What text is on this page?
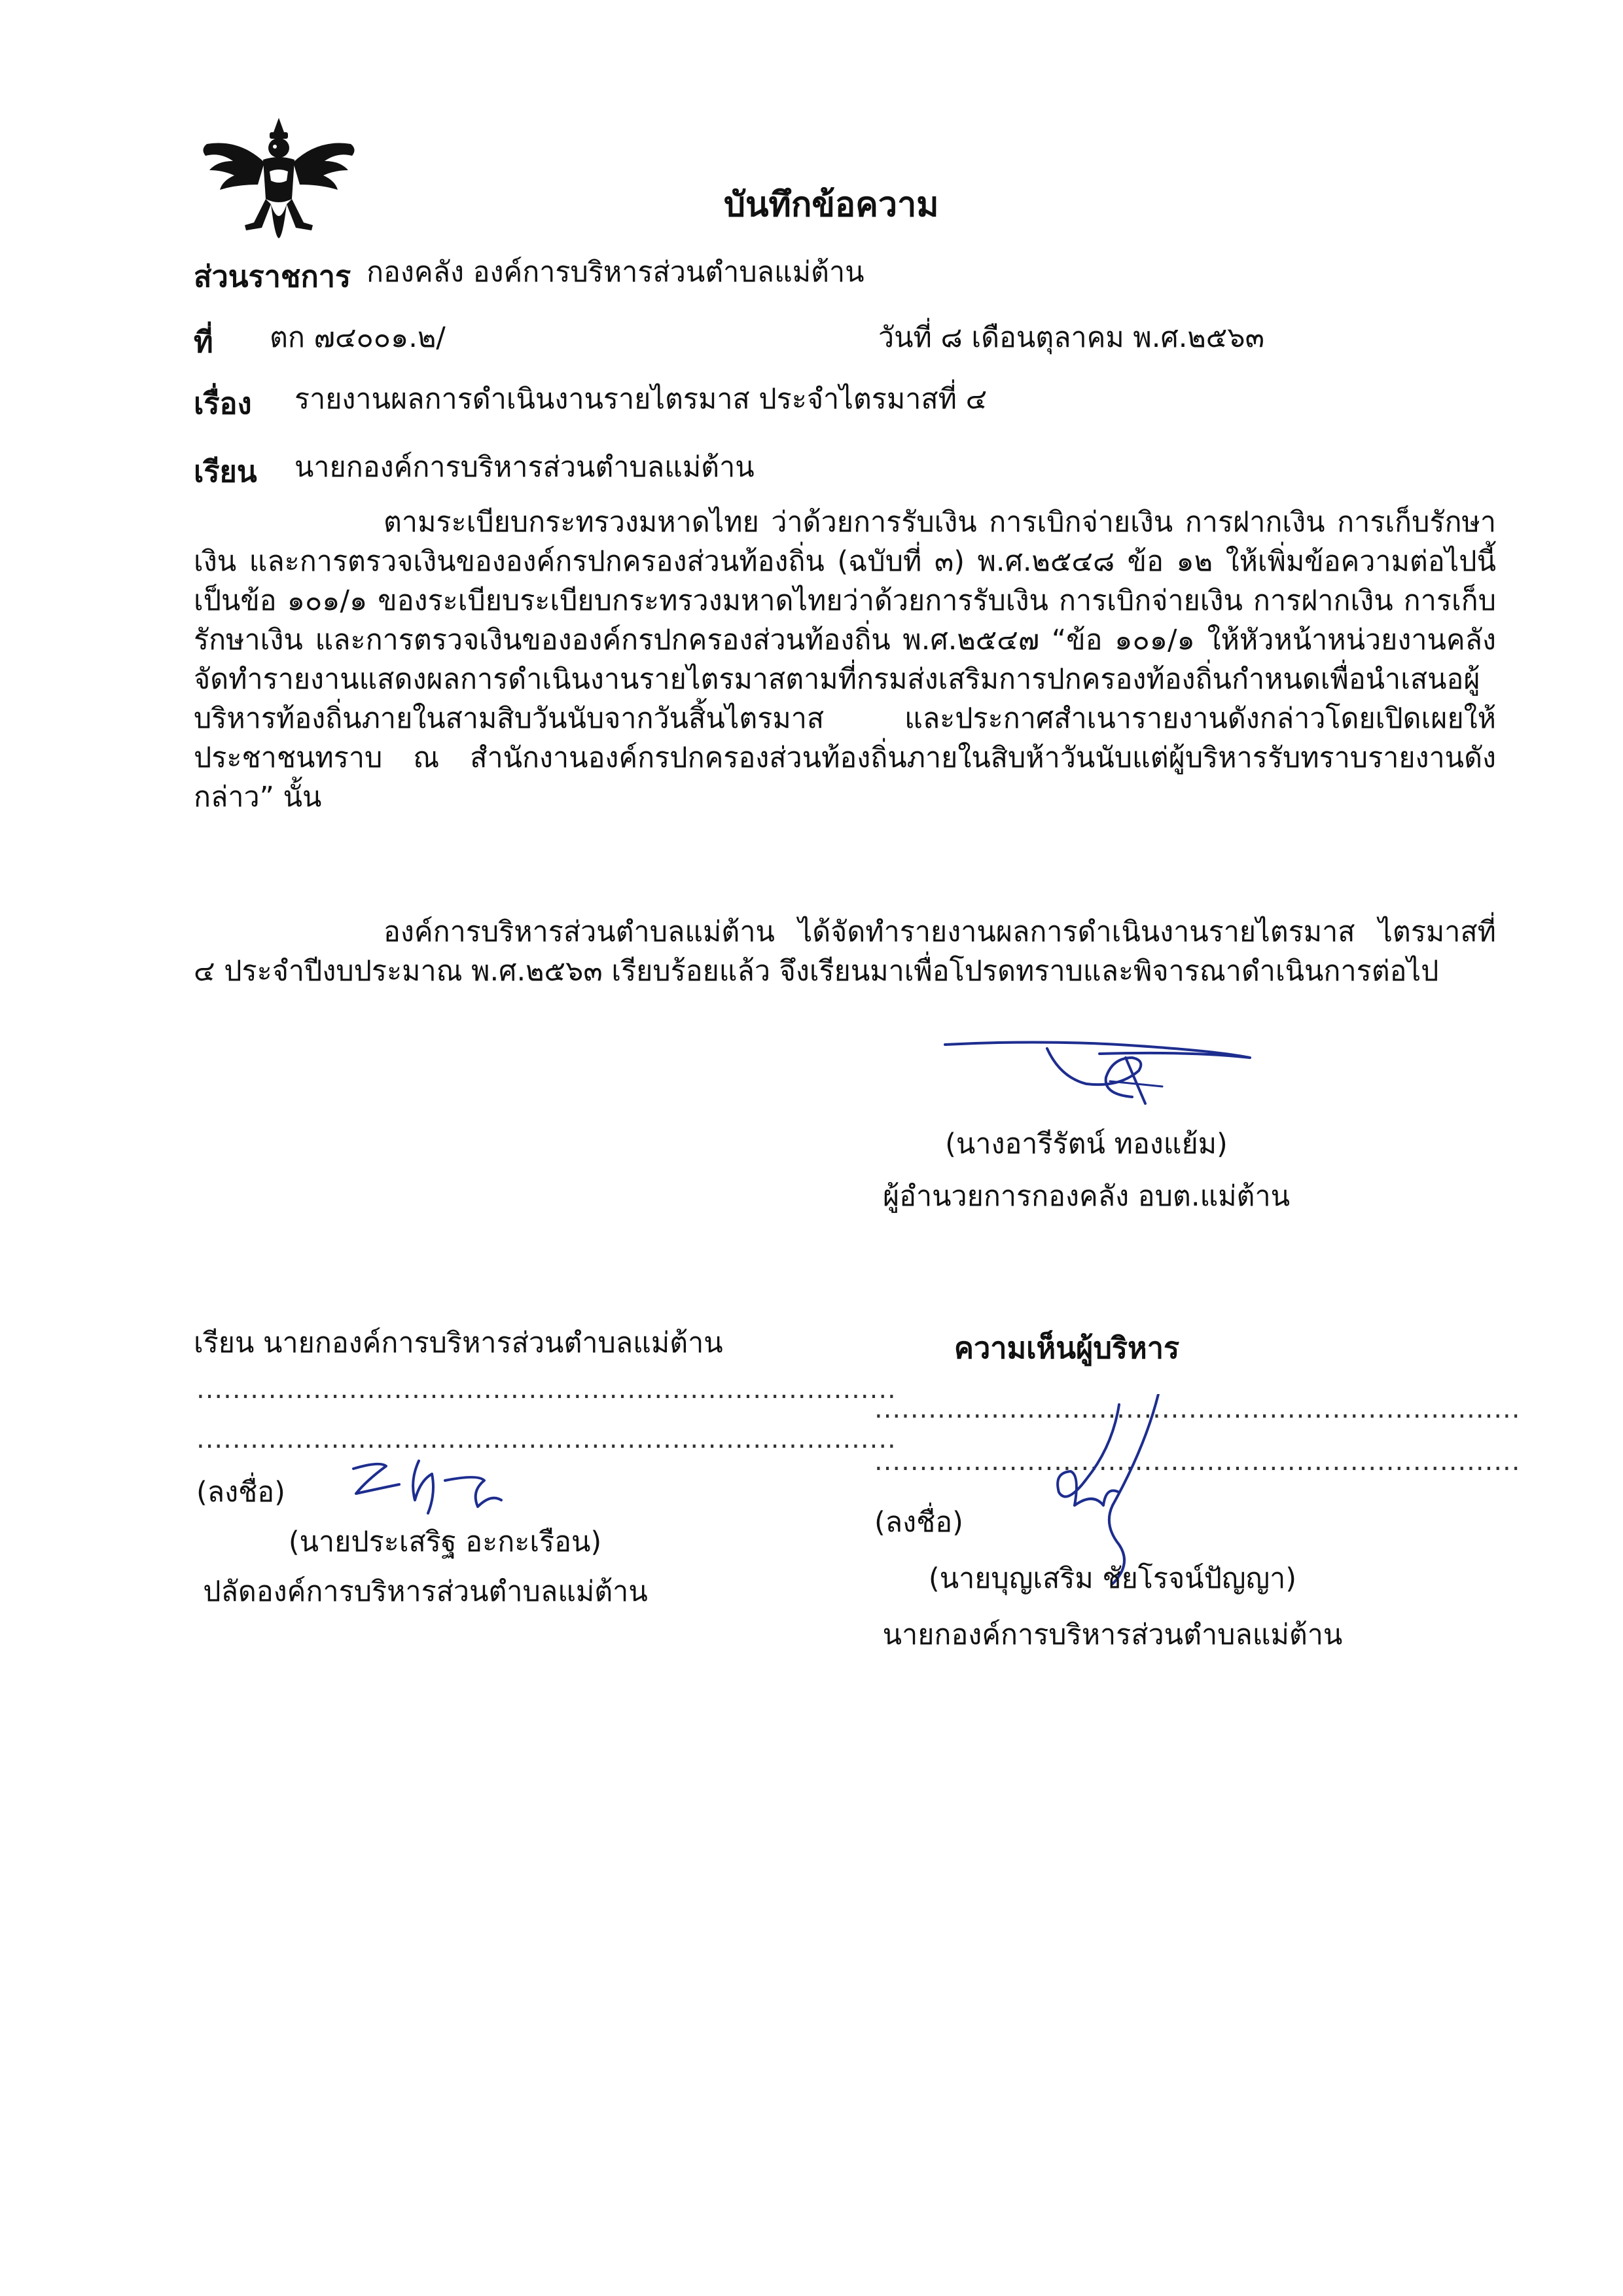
บันทึกข้อความ
ส่วนราชการ กองคลัง องค์การบริหารส่วนตำบลแม่ต้าน
ที่ ตก ๗๔๐๐๑.๒/	วันที่ ๘ เดือนตุลาคม พ.ศ.๒๕๖๓
เรื่อง รายงานผลการดำเนินงานรายไตรมาส ประจำไตรมาสที่ ๔
เรียน นายกองค์การบริหารส่วนตำบลแม่ต้าน
ตามระเบียบกระทรวงมหาดไทย ว่าด้วยการรับเงิน การเบิกจ่ายเงิน การฝากเงิน การเก็บรักษาเงิน และการตรวจเงินขององค์กรปกครองส่วนท้องถิ่น (ฉบับที่ ๓) พ.ศ.๒๕๔๘ ข้อ ๑๒ ให้เพิ่มข้อความต่อไปนี้เป็นข้อ ๑๐๑/๑ ของระเบียบระเบียบกระทรวงมหาดไทยว่าด้วยการรับเงิน การเบิกจ่ายเงิน การฝากเงิน การเก็บรักษาเงิน และการตรวจเงินขององค์กรปกครองส่วนท้องถิ่น พ.ศ.๒๕๔๗ “ข้อ ๑๐๑/๑ ให้หัวหน้าหน่วยงานคลังจัดทำรายงานแสดงผลการดำเนินงานรายไตรมาสตามที่กรมส่งเสริมการปกครองท้องถิ่นกำหนดเพื่อนำเสนอผู้บริหารท้องถิ่นภายในสามสิบวันนับจากวันสิ้นไตรมาส และประกาศสำเนารายงานดังกล่าวโดยเปิดเผยให้ประชาชนทราบ ณ สำนักงานองค์กรปกครองส่วนท้องถิ่นภายในสิบห้าวันนับแต่ผู้บริหารรับทราบรายงานดังกล่าว” นั้น
องค์การบริหารส่วนตำบลแม่ต้าน ได้จัดทำรายงานผลการดำเนินงานรายไตรมาส ไตรมาสที่ ๔ ประจำปีงบประมาณ พ.ศ.๒๕๖๓ เรียบร้อยแล้ว จึงเรียนมาเพื่อโปรดทราบและพิจารณาดำเนินการต่อไป
(นางอารีรัตน์ ทองแย้ม)
ผู้อำนวยการกองคลัง อบต.แม่ต้าน
เรียน นายกองค์การบริหารส่วนตำบลแม่ต้าน
..............................................................................
..............................................................................
(ลงชื่อ)
(นายประเสริฐ อะกะเรือน)
ปลัดองค์การบริหารส่วนตำบลแม่ต้าน
ความเห็นผู้บริหาร
........................................................................
........................................................................
(ลงชื่อ)
(นายบุญเสริม ชัยโรจน์ปัญญา)
นายกองค์การบริหารส่วนตำบลแม่ต้าน
